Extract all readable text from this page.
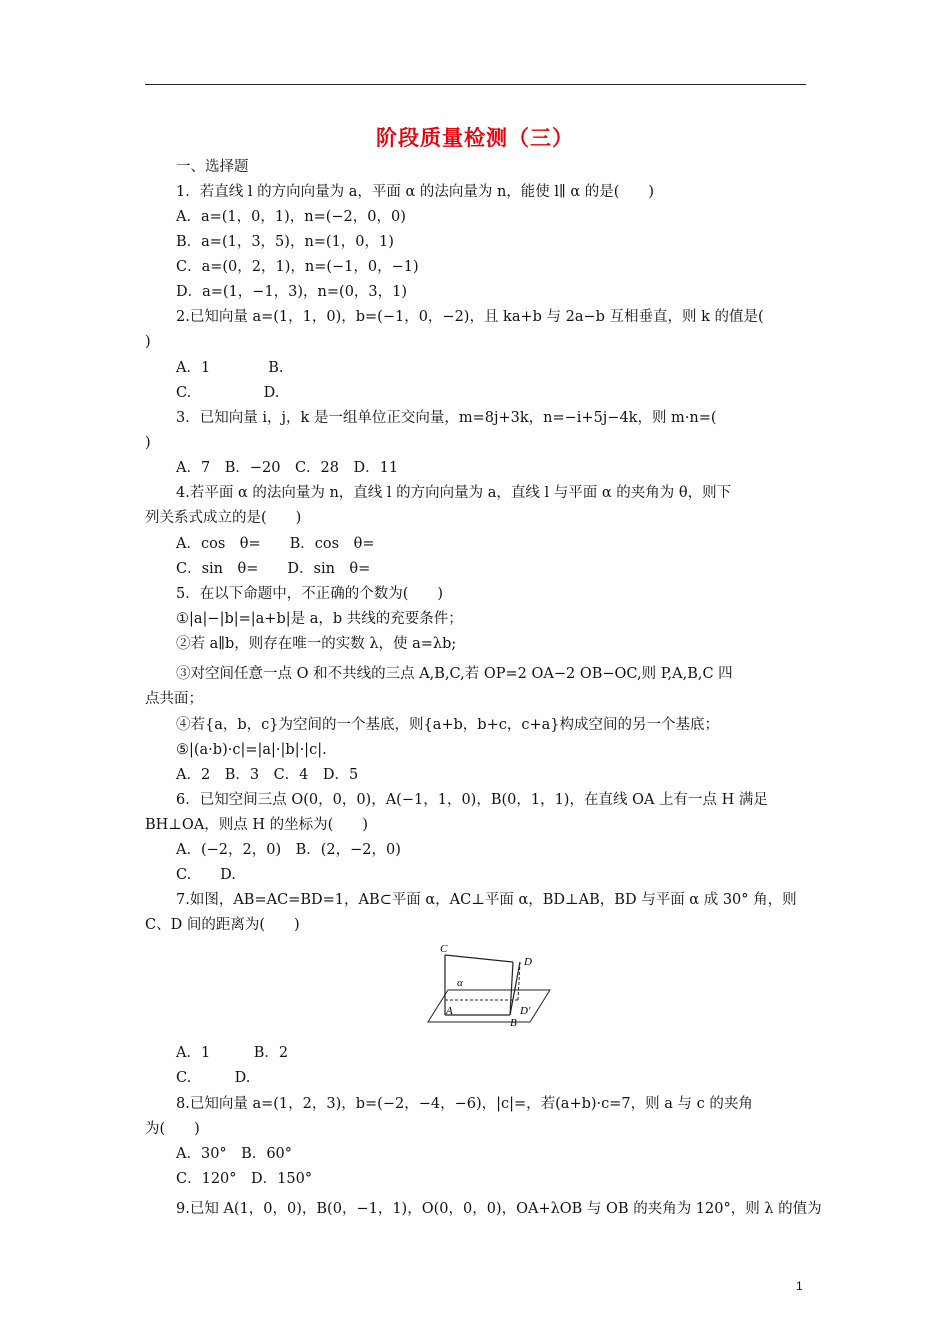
阶段质量检测（三）
一、选择题
1．若直线 l 的方向向量为 a，平面 α 的法向量为 n，能使 l∥ α 的是(　　)
A．a=(1，0，1)，n=(−2，0，0)
B．a=(1，3，5)，n=(1，0，1)
C．a=(0，2，1)，n=(−1，0，−1)
D．a=(1，−1，3)，n=(0，3，1)
2.已知向量 a=(1，1，0)，b=(−1，0，−2)，且 ka+b 与 2a−b 互相垂直，则 k 的值是(
)
A．1　　　　B.
C.　　　　　D.
3．已知向量 i，j，k 是一组单位正交向量，m=8j+3k，n=−i+5j−4k，则 m·n=(
)
A．7　B．−20　C．28　D．11
4.若平面 α 的法向量为 n，直线 l 的方向向量为 a，直线 l 与平面 α 的夹角为 θ，则下
列关系式成立的是(　　)
A．cos　θ=　　B．cos　θ=
C．sin　θ=　　D．sin　θ=
5．在以下命题中，不正确的个数为(　　)
①|a|−|b|=|a+b|是 a，b 共线的充要条件；
②若 a∥b，则存在唯一的实数 λ，使 a=λb;
③对空间任意一点 O 和不共线的三点 A,B,C,若 OP=2 OA−2 OB−OC,则 P,A,B,C 四
点共面；
④若{a，b，c}为空间的一个基底，则{a+b，b+c，c+a}构成空间的另一个基底；
⑤|(a·b)·c|=|a|·|b|·|c|.
A．2　B．3　C．4　D．5
6．已知空间三点 O(0，0，0)，A(−1，1，0)，B(0，1，1)，在直线 OA 上有一点 H 满足
BH⊥OA，则点 H 的坐标为(　　)
A．(−2，2，0)　B．(2，−2，0)
C.　　D.
7.如图，AB=AC=BD=1，AB⊂平面 α，AC⊥平面 α，BD⊥AB，BD 与平面 α 成 30° 角，则
C、D 间的距离为(　　)
C
D
α
D′
A
B
A．1　　　B．2
C.　　　D.
8.已知向量 a=(1，2，3)，b=(−2，−4，−6)，|c|=，若(a+b)·c=7，则 a 与 c 的夹角
为(　　)
A．30°　B．60°
C．120°　D．150°
9.已知 A(1，0，0)，B(0，−1，1)，O(0，0，0)，OA+λOB 与 OB 的夹角为 120°，则 λ 的值为
1
